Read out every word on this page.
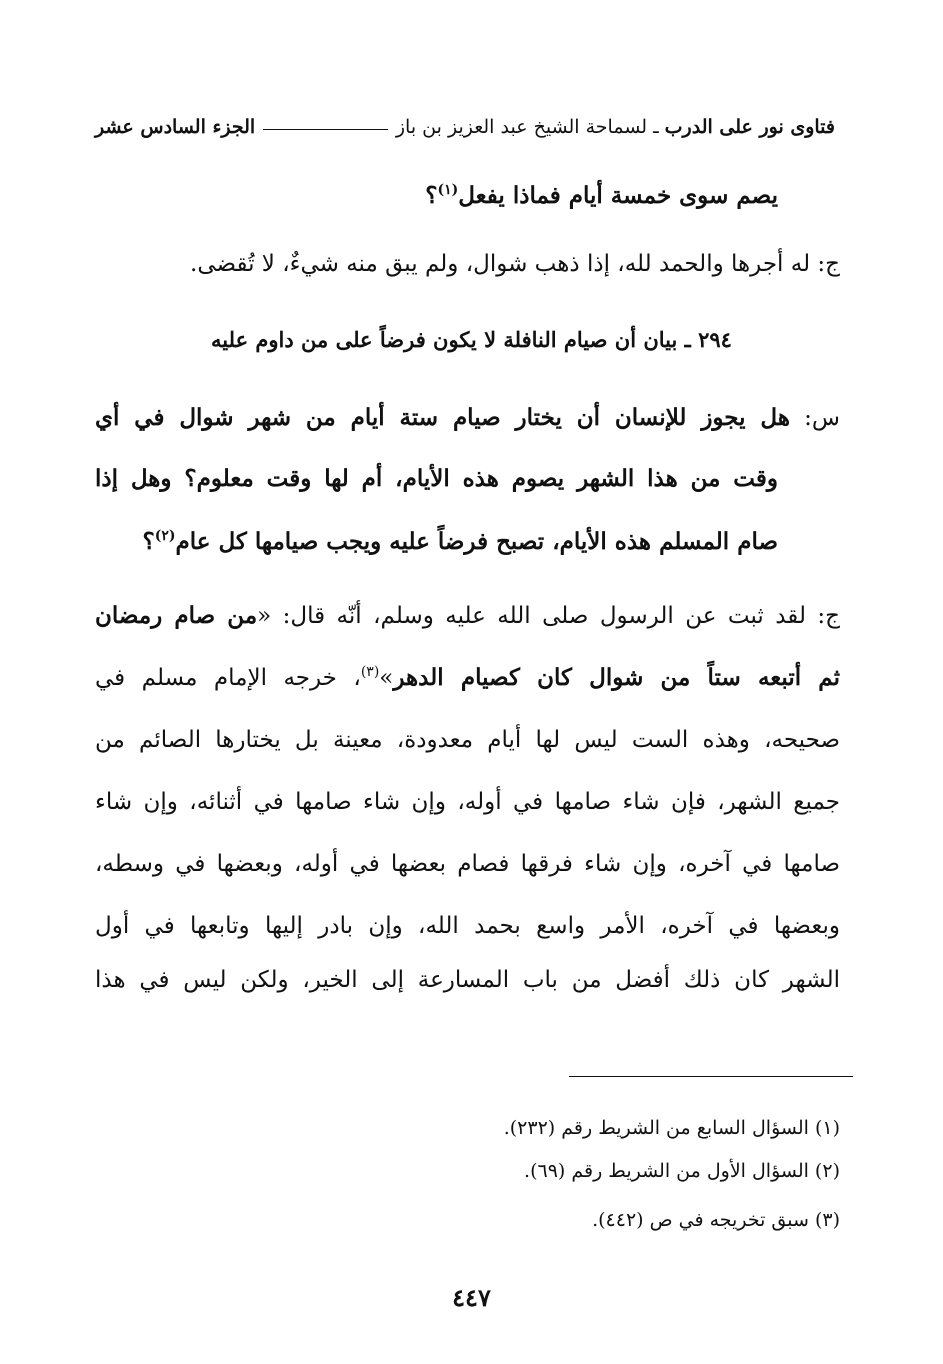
فتاوى نور على الدرب
ـ
لسماحة الشيخ عبد العزيز بن باز
الجزء السادس عشر
يصم سوى خمسة أيام فماذا يفعل$^{(١)}$؟
ج: له أجرها والحمد لله، إذا ذهب شوال، ولم يبق منه شيءٌ، لا تُقضى.
٢٩٤ ـ بيان أن صيام النافلة لا يكون فرضاً على من داوم عليه
س: هل يجوز للإنسان أن يختار صيام ستة أيام من شهر شوال في أي
وقت من هذا الشهر يصوم هذه الأيام، أم لها وقت معلوم؟ وهل إذا
صام المسلم هذه الأيام، تصبح فرضاً عليه ويجب صيامها كل عام$^{(٢)}$؟
ج: لقد ثبت عن الرسول صلى الله عليه وسلم، أنّه قال: «من صام رمضان
ثم أتبعه ستاً من شوال كان كصيام الدهر»$^{(٣)}$، خرجه الإمام مسلم في
صحيحه، وهذه الست ليس لها أيام معدودة، معينة بل يختارها الصائم من
جميع الشهر، فإن شاء صامها في أوله، وإن شاء صامها في أثنائه، وإن شاء
صامها في آخره، وإن شاء فرقها فصام بعضها في أوله، وبعضها في وسطه،
وبعضها في آخره، الأمر واسع بحمد الله، وإن بادر إليها وتابعها في أول
الشهر كان ذلك أفضل من باب المسارعة إلى الخير، ولكن ليس في هذا
(١) السؤال السابع من الشريط رقم (٢٣٢).
(٢) السؤال الأول من الشريط رقم (٦٩).
(٣) سبق تخريجه في ص (٤٤٢).
٤٤٧
